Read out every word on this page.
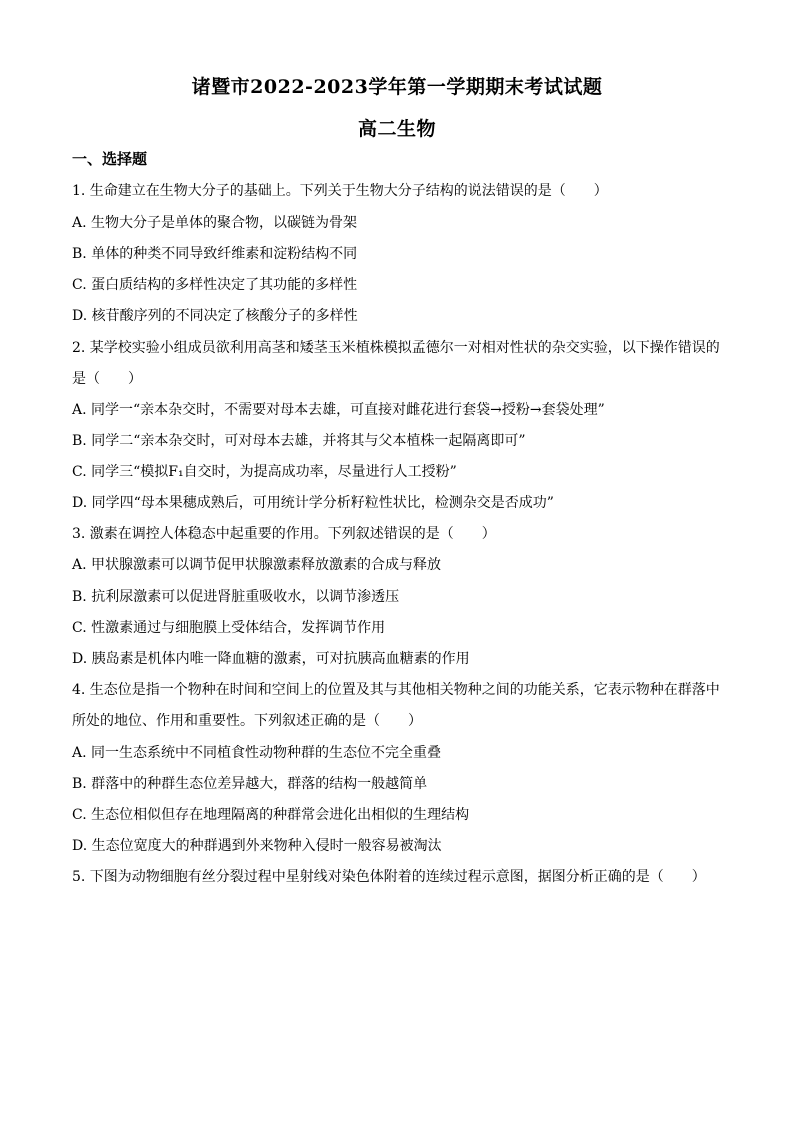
诸暨市2022-2023学年第一学期期末考试试题
高二生物
一、选择题
1. 生命建立在生物大分子的基础上。下列关于生物大分子结构的说法错误的是（　　）
A. 生物大分子是单体的聚合物，以碳链为骨架
B. 单体的种类不同导致纤维素和淀粉结构不同
C. 蛋白质结构的多样性决定了其功能的多样性
D. 核苷酸序列的不同决定了核酸分子的多样性
2. 某学校实验小组成员欲利用高茎和矮茎玉米植株模拟孟德尔一对相对性状的杂交实验，以下操作错误的
是（　　）
A. 同学一“亲本杂交时，不需要对母本去雄，可直接对雌花进行套袋→授粉→套袋处理”
B. 同学二“亲本杂交时，可对母本去雄，并将其与父本植株一起隔离即可”
C. 同学三“模拟F₁自交时，为提高成功率，尽量进行人工授粉”
D. 同学四“母本果穗成熟后，可用统计学分析籽粒性状比，检测杂交是否成功”
3. 激素在调控人体稳态中起重要的作用。下列叙述错误的是（　　）
A. 甲状腺激素可以调节促甲状腺激素释放激素的合成与释放
B. 抗利尿激素可以促进肾脏重吸收水，以调节渗透压
C. 性激素通过与细胞膜上受体结合，发挥调节作用
D. 胰岛素是机体内唯一降血糖的激素，可对抗胰高血糖素的作用
4. 生态位是指一个物种在时间和空间上的位置及其与其他相关物种之间的功能关系，它表示物种在群落中
所处的地位、作用和重要性。下列叙述正确的是（　　）
A. 同一生态系统中不同植食性动物种群的生态位不完全重叠
B. 群落中的种群生态位差异越大，群落的结构一般越简单
C. 生态位相似但存在地理隔离的种群常会进化出相似的生理结构
D. 生态位宽度大的种群遇到外来物种入侵时一般容易被淘汰
5. 下图为动物细胞有丝分裂过程中星射线对染色体附着的连续过程示意图，据图分析正确的是（　　）
